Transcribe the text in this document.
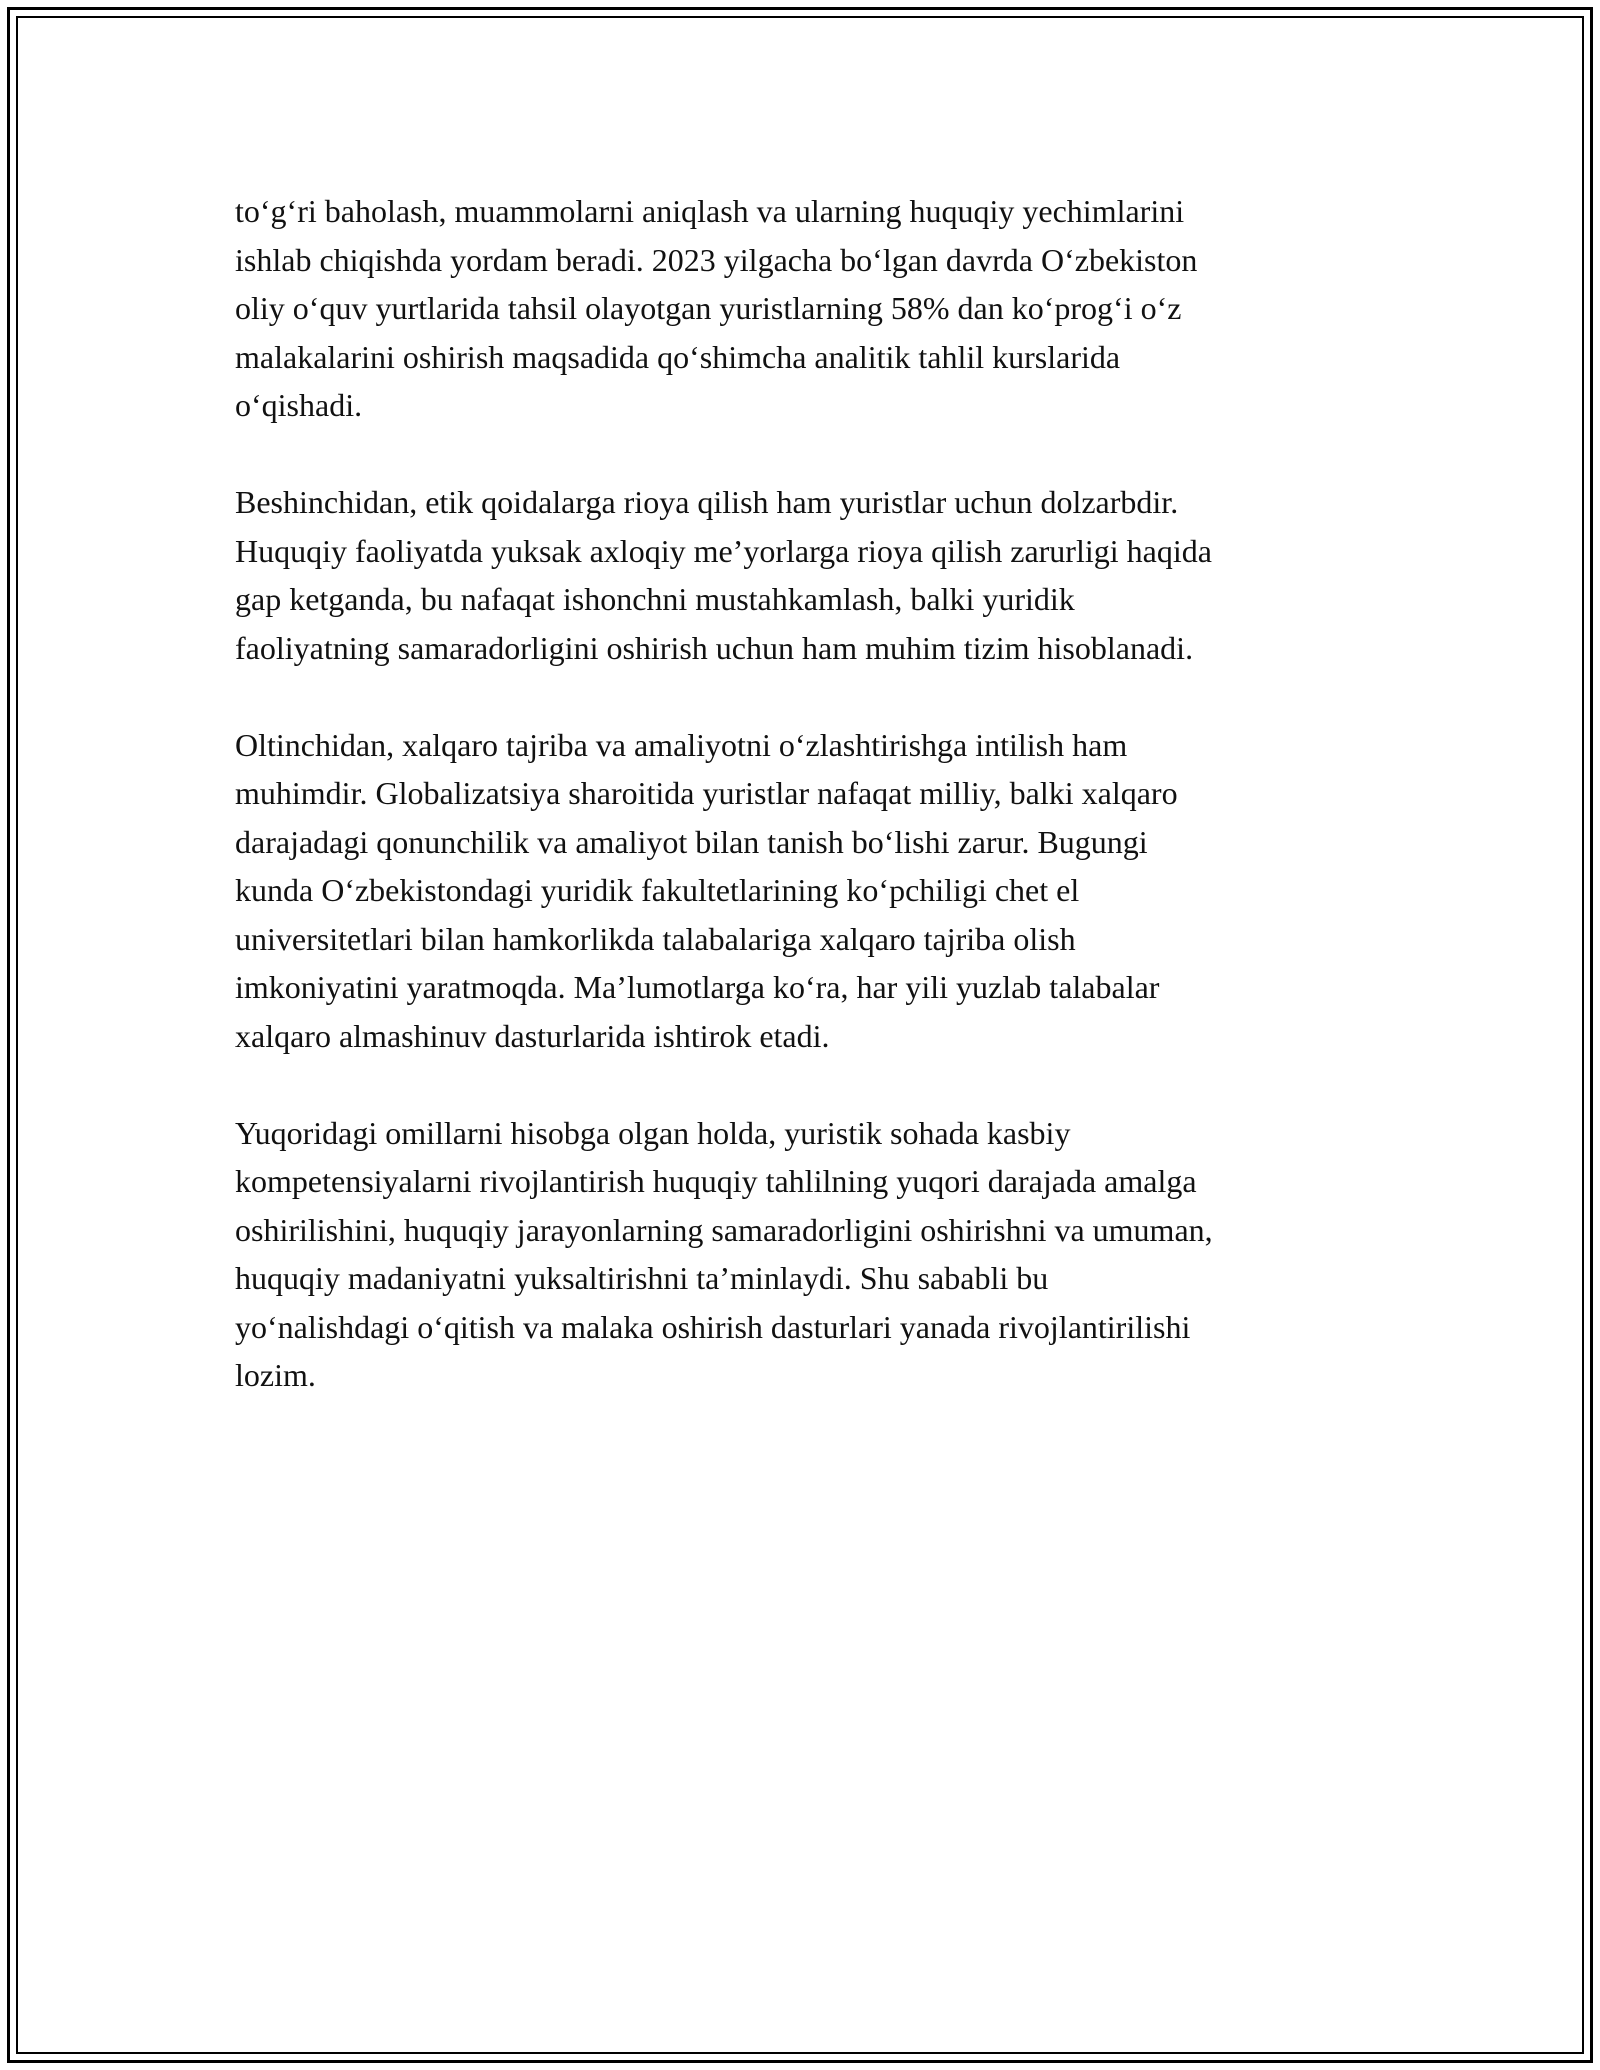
to‘g‘ri baholash, muammolarni aniqlash va ularning huquqiy yechimlarini
ishlab chiqishda yordam beradi. 2023 yilgacha bo‘lgan davrda O‘zbekiston
oliy o‘quv yurtlarida tahsil olayotgan yuristlarning 58% dan ko‘prog‘i o‘z
malakalarini oshirish maqsadida qo‘shimcha analitik tahlil kurslarida
o‘qishadi.

Beshinchidan, etik qoidalarga rioya qilish ham yuristlar uchun dolzarbdir.
Huquqiy faoliyatda yuksak axloqiy me’yorlarga rioya qilish zarurligi haqida
gap ketganda, bu nafaqat ishonchni mustahkamlash, balki yuridik
faoliyatning samaradorligini oshirish uchun ham muhim tizim hisoblanadi.

Oltinchidan, xalqaro tajriba va amaliyotni o‘zlashtirishga intilish ham
muhimdir. Globalizatsiya sharoitida yuristlar nafaqat milliy, balki xalqaro
darajadagi qonunchilik va amaliyot bilan tanish bo‘lishi zarur. Bugungi
kunda O‘zbekistondagi yuridik fakultetlarining ko‘pchiligi chet el
universitetlari bilan hamkorlikda talabalariga xalqaro tajriba olish
imkoniyatini yaratmoqda. Ma’lumotlarga ko‘ra, har yili yuzlab talabalar
xalqaro almashinuv dasturlarida ishtirok etadi.

Yuqoridagi omillarni hisobga olgan holda, yuristik sohada kasbiy
kompetensiyalarni rivojlantirish huquqiy tahlilning yuqori darajada amalga
oshirilishini, huquqiy jarayonlarning samaradorligini oshirishni va umuman,
huquqiy madaniyatni yuksaltirishni ta’minlaydi. Shu sababli bu
yo‘nalishdagi o‘qitish va malaka oshirish dasturlari yanada rivojlantirilishi
lozim.
